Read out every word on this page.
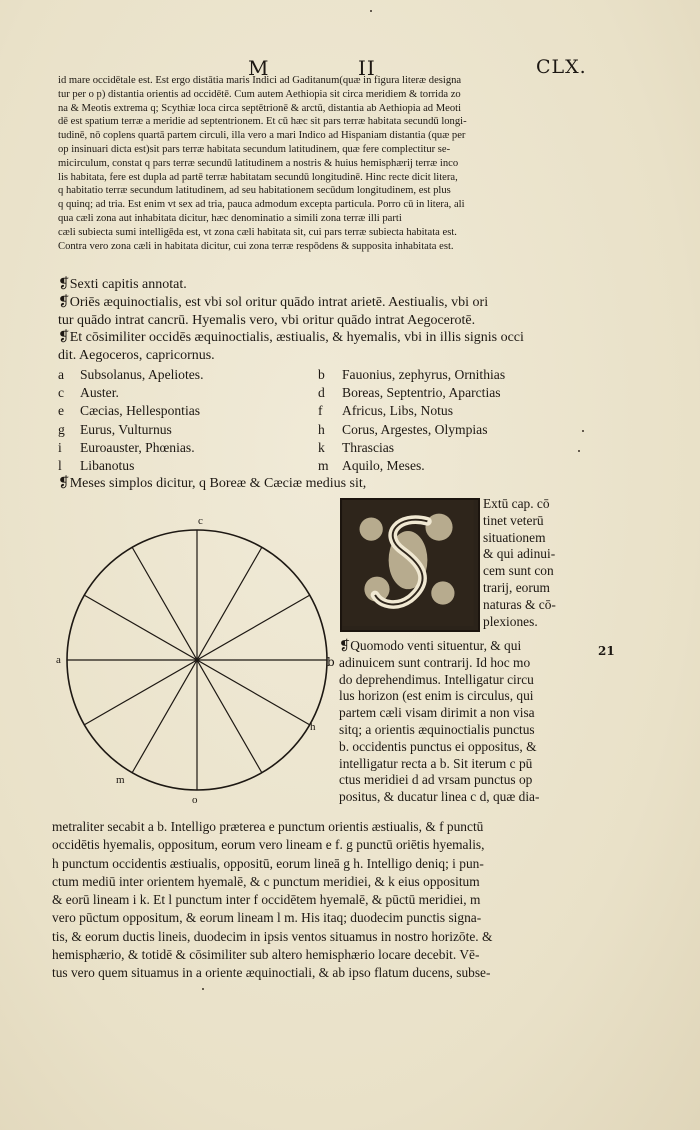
M	II	CLX.
id mare occidētale est. Est ergo distātia maris Indici ad Gaditanum(quæ in figura literæ designa
tur per o p) distantia orientis ad occidētē. Cum autem Aethiopia sit circa meridiem & torrida zo
na & Meotis extrema q; Scythiæ loca circa septētrionē & arctū, distantia ab Aethiopia ad Meoti
dē est spatium terræ a meridie ad septentrionem. Et cū hæc sit pars terræ habitata secundū longi-
tudinē, nō coplens quartā partem circuli, illa vero a mari Indico ad Hispaniam distantia (quæ per
op insinuari dicta est)sit pars terræ habitata secundum latitudinem, quæ fere complectitur se-
micirculum, constat q pars terræ secundū latitudinem a nostris & huius hemisphærij terræ inco
lis habitata, fere est dupla ad partē terræ habitatam secundū longitudinē. Hinc recte dicit litera,
q habitatio terræ secundum latitudinem, ad seu habitationem secūdum longitudinem, est plus
q quinq; ad tria. Est enim vt sex ad tria, pauca admodum excepta particula. Porro cū in litera, ali
qua cæli zona aut inhabitata dicitur, hæc denominatio a simili zona terræ illi parti
cæli subiecta sumi intelligēda est, vt zona cæli habitata sit, cui pars terræ subiecta habitata est.
Contra vero zona cæli in habitata dicitur, cui zona terræ respōdens & supposita inhabitata est.
❡Sexti capitis annotat.
❡Oriēs æquinoctialis, est vbi sol oritur quādo intrat arietē. Aestiualis, vbi ori
tur quādo intrat cancrū. Hyemalis vero, vbi oritur quādo intrat Aegocerotē.
❡Et cōsimiliter occidēs æquinoctialis, æstiualis, & hyemalis, vbi in illis signis occi
dit. Aegoceros, capricornus.
a Subsolanus, Apeliotes.	b Fauonius, zephyrus, Ornithias
c Auster.	d Boreas, Septentrio, Aparctias
e Cæcias, Hellespontias	f Africus, Libs, Notus
g Eurus, Vulturnus	h Corus, Argestes, Olympias
i Euroauster, Phœnias.	k Thrascias
l Libanotus	m Aquilo, Meses.
❡Meses simplos dicitur, q Boreæ & Cæciæ medius sit,
a
c
o
m
h
b
Extū cap. cō
tinet veterū
situationem
& qui adinui-
cem sunt con
trarij, eorum
naturas & cō-
plexiones.
❡Quomodo venti situentur, & qui
adinuicem sunt contrarij. Id hoc mo
do deprehendimus. Intelligatur circu
lus horizon (est enim is circulus, qui
partem cæli visam dirimit a non visa
sitq; a orientis æquinoctialis punctus
b. occidentis punctus ei oppositus, &
intelligatur recta a b. Sit iterum c pū
ctus meridiei d ad vrsam punctus op
positus, & ducatur linea c d, quæ dia-
21
metraliter secabit a b. Intelligo præterea e punctum orientis æstiualis, & f punctū
occidētis hyemalis, oppositum, eorum vero lineam e f. g punctū oriētis hyemalis,
h punctum occidentis æstiualis, oppositū, eorum lineā g h. Intelligo deniq; i pun-
ctum mediū inter orientem hyemalē, & c punctum meridiei, & k eius oppositum
& eorū lineam i k. Et l punctum inter f occidētem hyemalē, & pūctū meridiei, m
vero pūctum oppositum, & eorum lineam l m. His itaq; duodecim punctis signa-
tis, & eorum ductis lineis, duodecim in ipsis ventos situamus in nostro horizōte. &
hemisphærio, & totidē & cōsimiliter sub altero hemisphærio locare decebit. Vē-
tus vero quem situamus in a oriente æquinoctiali, & ab ipso flatum ducens, subse-
